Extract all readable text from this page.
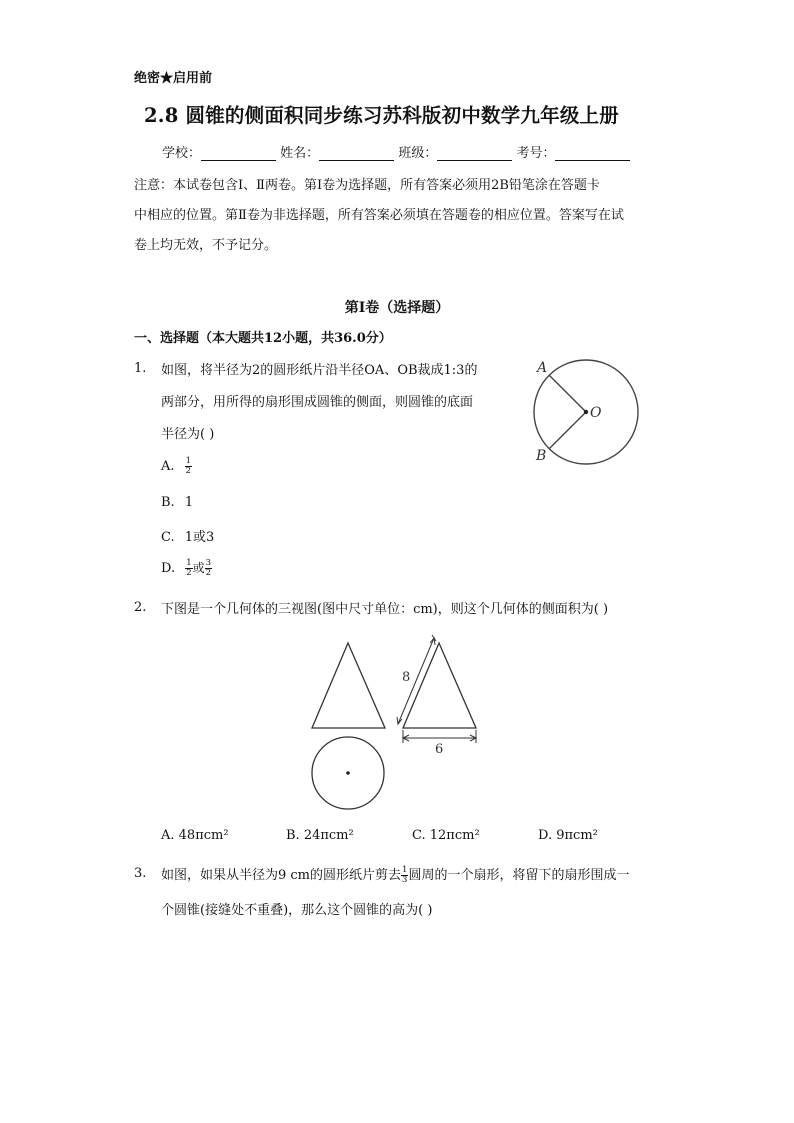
绝密★启用前
2.8 圆锥的侧面积同步练习苏科版初中数学九年级上册
学校：	姓名：	班级：	考号：
注意：本试卷包含Ⅰ、Ⅱ两卷。第Ⅰ卷为选择题，所有答案必须用2B铅笔涂在答题卡
中相应的位置。第Ⅱ卷为非选择题，所有答案必须填在答题卷的相应位置。答案写在试
卷上均无效，不予记分。
第Ⅰ卷（选择题）
一、选择题（本大题共12小题，共36.0分）
1. 如图，将半径为2的圆形纸片沿半径OA、OB裁成1:3的
两部分，用所得的扇形围成圆锥的侧面，则圆锥的底面
半径为( )
A. $\frac{1}{2}$
B. 1
C. 1或3
D. $\frac{1}{2}$ 或 $\frac{3}{2}$
A
B
O
2. 下图是一个几何体的三视图(图中尺寸单位：cm)，则这个几何体的侧面积为( )
8
6
A. 48πcm²	B. 24πcm²	C. 12πcm²	D. 9πcm²
3. 如图，如果从半径为9 cm的圆形纸片剪去 $\frac{1}{3}$ 圆周的一个扇形，将留下的扇形围成一
个圆锥(接缝处不重叠)，那么这个圆锥的高为( )
